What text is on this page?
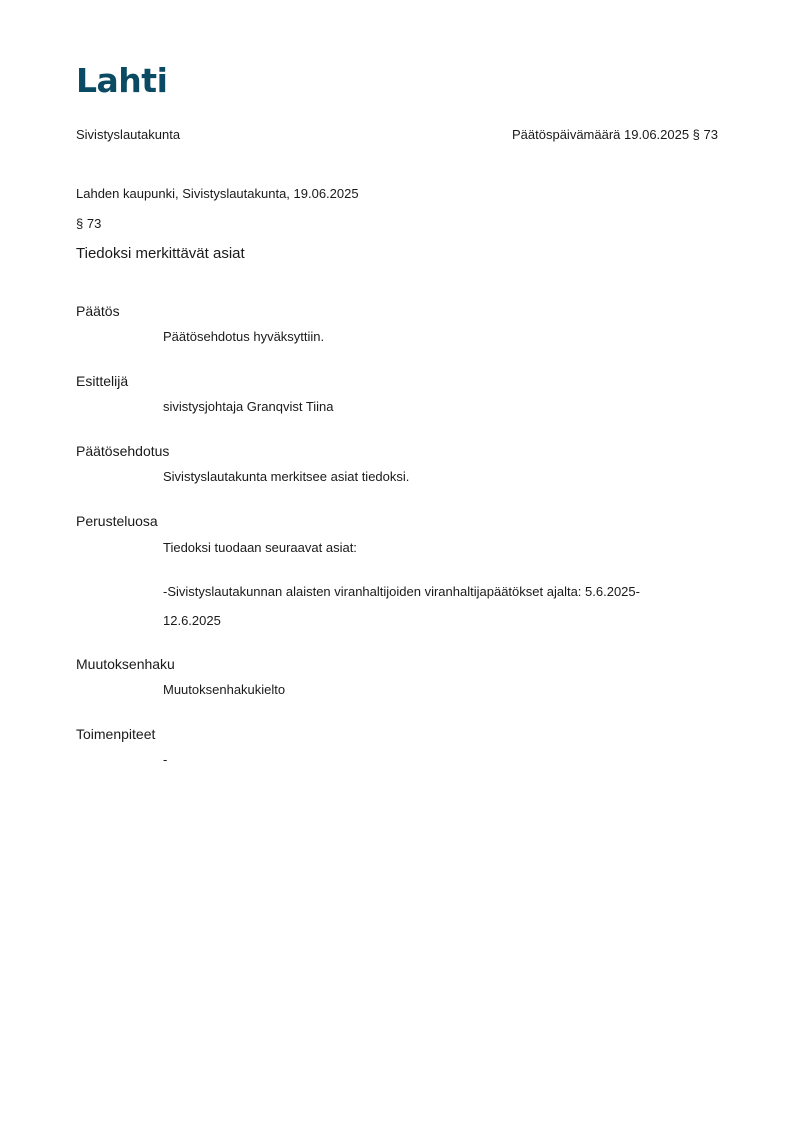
Lahti
Sivistyslautakunta	Päätöspäivämäärä 19.06.2025 § 73
Lahden kaupunki, Sivistyslautakunta, 19.06.2025
§ 73
Tiedoksi merkittävät asiat
Päätös
Päätösehdotus hyväksyttiin.
Esittelijä
sivistysjohtaja Granqvist Tiina
Päätösehdotus
Sivistyslautakunta merkitsee asiat tiedoksi.
Perusteluosa
Tiedoksi tuodaan seuraavat asiat:
-Sivistyslautakunnan alaisten viranhaltijoiden viranhaltijapäätökset ajalta: 5.6.2025-
12.6.2025
Muutoksenhaku
Muutoksenhakukielto
Toimenpiteet
-
